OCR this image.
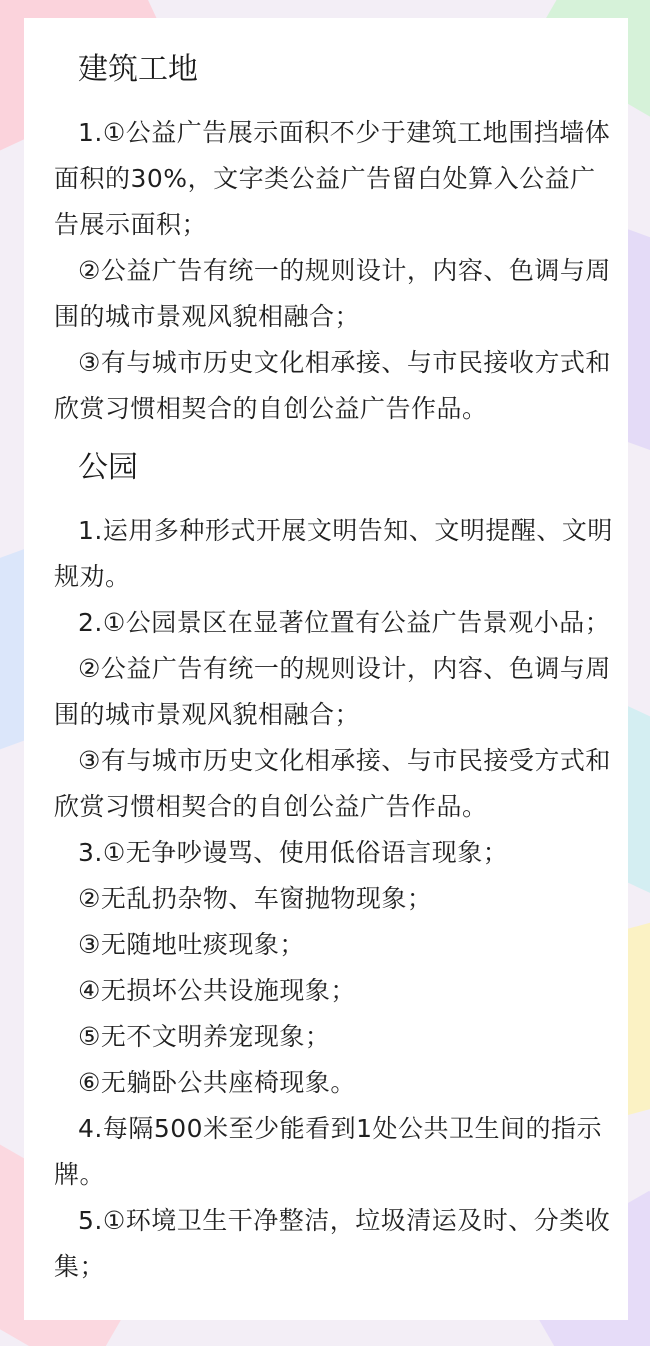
建筑工地

1.①公益广告展示面积不少于建筑工地围挡墙体面积的30%，文字类公益广告留白处算入公益广告展示面积；

②公益广告有统一的规则设计，内容、色调与周围的城市景观风貌相融合；

③有与城市历史文化相承接、与市民接收方式和欣赏习惯相契合的自创公益广告作品。

公园

1.运用多种形式开展文明告知、文明提醒、文明规劝。

2.①公园景区在显著位置有公益广告景观小品；

②公益广告有统一的规则设计，内容、色调与周围的城市景观风貌相融合；

③有与城市历史文化相承接、与市民接受方式和欣赏习惯相契合的自创公益广告作品。

3.①无争吵谩骂、使用低俗语言现象；

②无乱扔杂物、车窗抛物现象；

③无随地吐痰现象；

④无损坏公共设施现象；

⑤无不文明养宠现象；

⑥无躺卧公共座椅现象。

4.每隔500米至少能看到1处公共卫生间的指示牌。

5.①环境卫生干净整洁，垃圾清运及时、分类收集；
